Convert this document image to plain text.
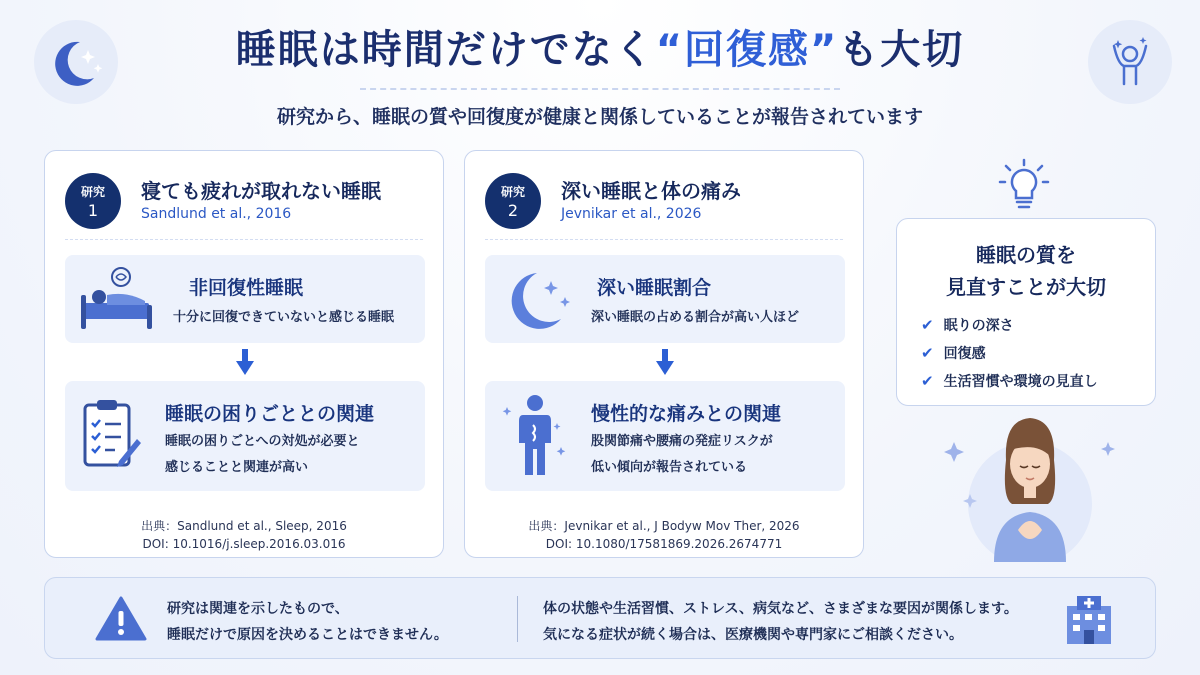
睡眠は時間だけでなく“回復感”も大切
研究から、睡眠の質や回復度が健康と関係していることが報告されています
研究
1
寝ても疲れが取れない睡眠
Sandlund et al., 2016
非回復性睡眠
十分に回復できていないと感じる睡眠
睡眠の困りごととの関連
睡眠の困りごとへの対処が必要と
感じることと関連が高い
出典：Sandlund et al., Sleep, 2016
DOI: 10.1016/j.sleep.2016.03.016
研究
2
深い睡眠と体の痛み
Jevnikar et al., 2026
深い睡眠割合
深い睡眠の占める割合が高い人ほど
慢性的な痛みとの関連
股関節痛や腰痛の発症リスクが
低い傾向が報告されている
出典：Jevnikar et al., J Bodyw Mov Ther, 2026
DOI: 10.1080/17581869.2026.2674771
睡眠の質を
見直すことが大切
✔ 眠りの深さ
✔ 回復感
✔ 生活習慣や環境の見直し
研究は関連を示したもので、
睡眠だけで原因を決めることはできません。
体の状態や生活習慣、ストレス、病気など、さまざまな要因が関係します。
気になる症状が続く場合は、医療機関や専門家にご相談ください。
